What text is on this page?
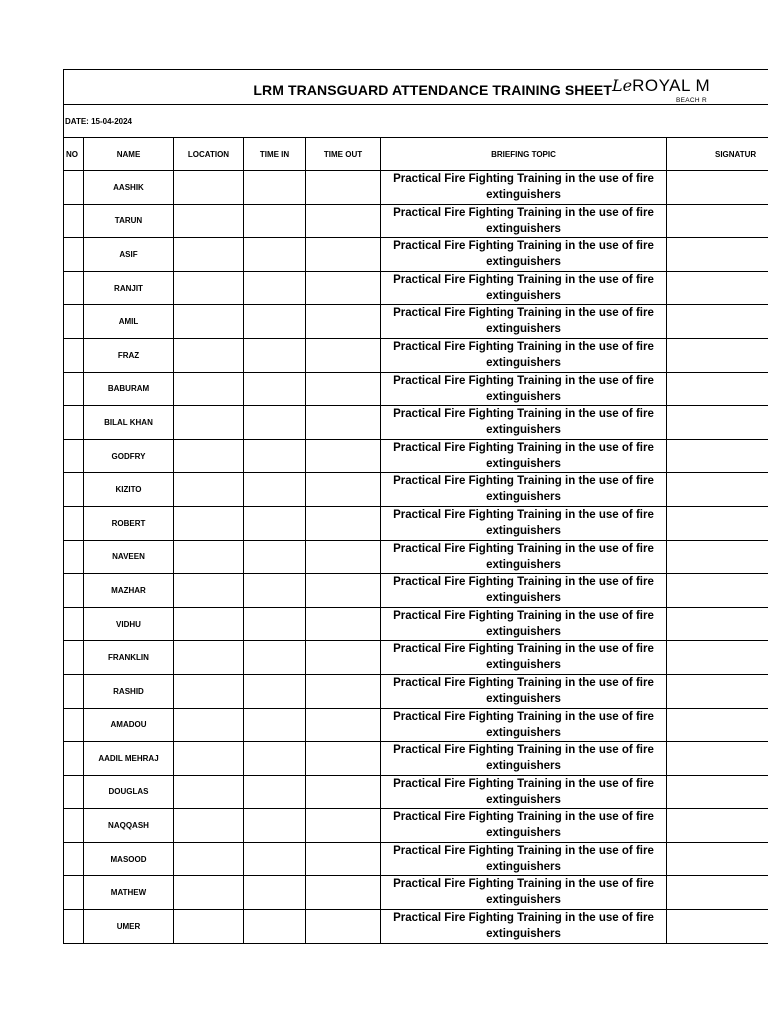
LRM TRANSGUARD ATTENDANCE TRAINING SHEET LeROYAL M
BEACH R
DATE: 15-04-2024
NO	NAME	LOCATION	TIME IN	TIME OUT	BRIEFING TOPIC	SIGNATUR
	AASHIK				Practical Fire Fighting Training in the use of fire extinguishers	
	TARUN				Practical Fire Fighting Training in the use of fire extinguishers	
	ASIF				Practical Fire Fighting Training in the use of fire extinguishers	
	RANJIT				Practical Fire Fighting Training in the use of fire extinguishers	
	AMIL				Practical Fire Fighting Training in the use of fire extinguishers	
	FRAZ				Practical Fire Fighting Training in the use of fire extinguishers	
	BABURAM				Practical Fire Fighting Training in the use of fire extinguishers	
	BILAL KHAN				Practical Fire Fighting Training in the use of fire extinguishers	
	GODFRY				Practical Fire Fighting Training in the use of fire extinguishers	
	KIZITO				Practical Fire Fighting Training in the use of fire extinguishers	
	ROBERT				Practical Fire Fighting Training in the use of fire extinguishers	
	NAVEEN				Practical Fire Fighting Training in the use of fire extinguishers	
	MAZHAR				Practical Fire Fighting Training in the use of fire extinguishers	
	VIDHU				Practical Fire Fighting Training in the use of fire extinguishers	
	FRANKLIN				Practical Fire Fighting Training in the use of fire extinguishers	
	RASHID				Practical Fire Fighting Training in the use of fire extinguishers	
	AMADOU				Practical Fire Fighting Training in the use of fire extinguishers	
	AADIL MEHRAJ				Practical Fire Fighting Training in the use of fire extinguishers	
	DOUGLAS				Practical Fire Fighting Training in the use of fire extinguishers	
	NAQQASH				Practical Fire Fighting Training in the use of fire extinguishers	
	MASOOD				Practical Fire Fighting Training in the use of fire extinguishers	
	MATHEW				Practical Fire Fighting Training in the use of fire extinguishers	
	UMER				Practical Fire Fighting Training in the use of fire extinguishers	
